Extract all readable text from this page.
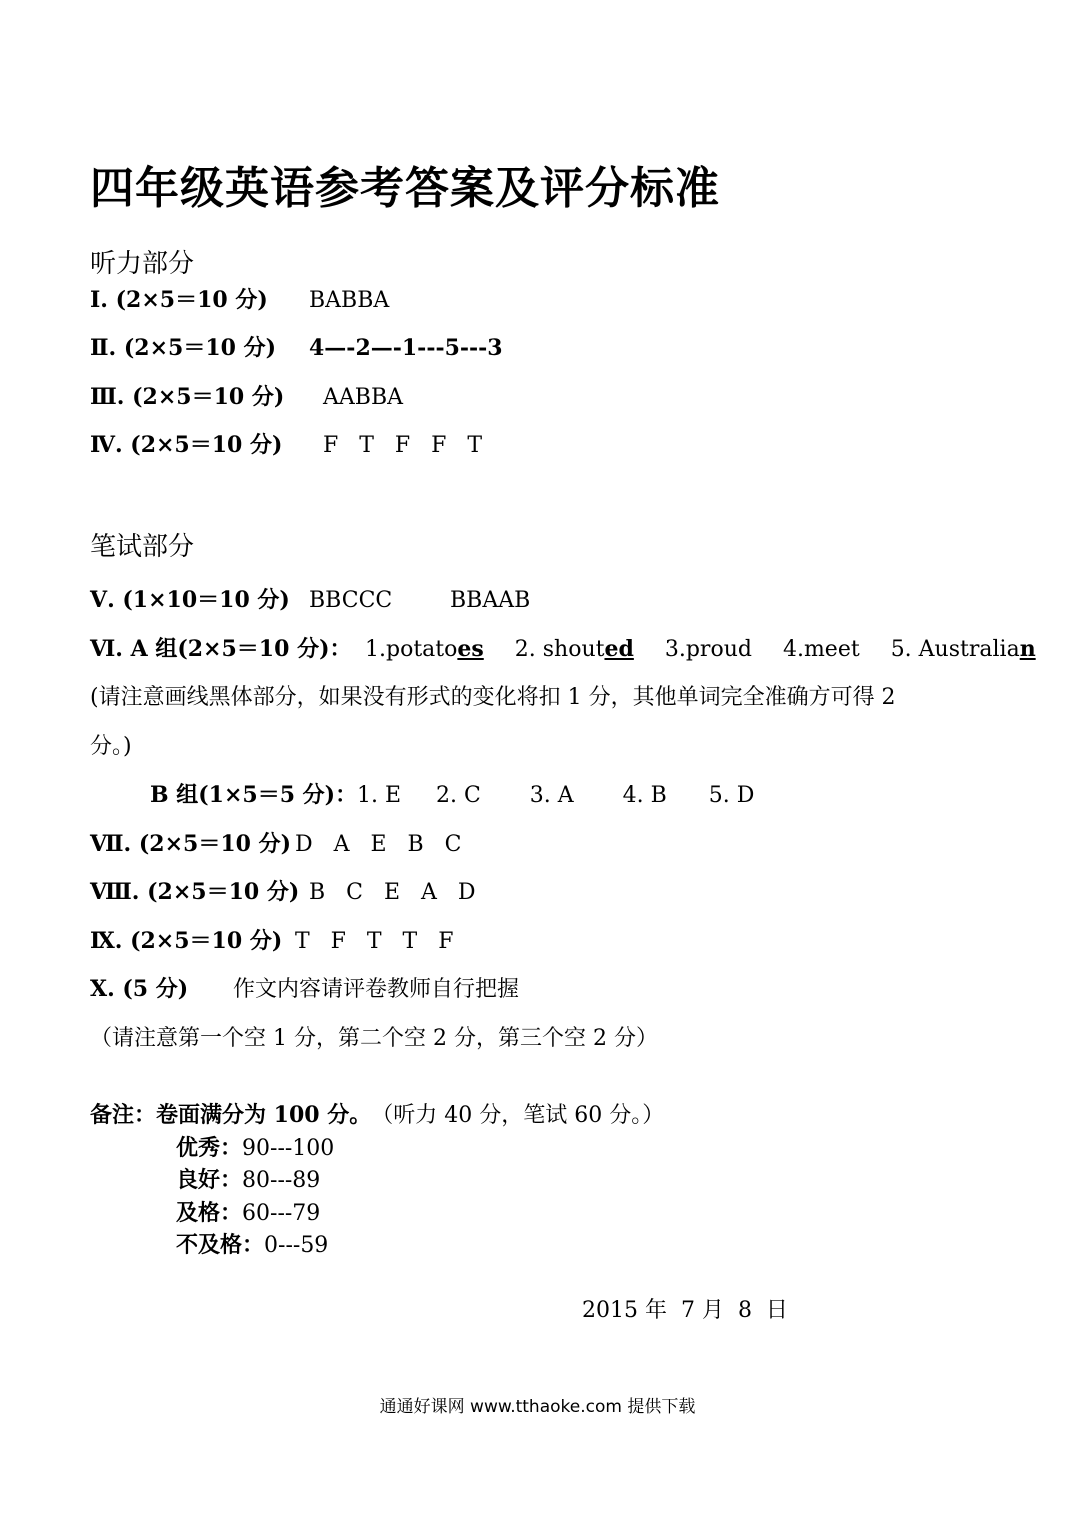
四年级英语参考答案及评分标准
听力部分
Ⅰ. (2×5＝10 分) BABBA
Ⅱ. (2×5＝10 分) 4—-2—-1---5---3
Ⅲ. (2×5＝10 分) AABBA
Ⅳ. (2×5＝10 分) F   T   F   F   T
笔试部分
Ⅴ. (1×10＝10 分) BBCCC	BBAAB
Ⅵ. A 组(2×5＝10 分)： 1.potatoes 2. shouted 3.proud 4.meet 5. Australian
(请注意画线黑体部分，如果没有形式的变化将扣 1 分，其他单词完全准确方可得 2
分。)
B 组(1×5＝5 分)： 1. E     2. C       3. A       4. B      5. D
Ⅶ. (2×5＝10 分) D   A   E   B   C
Ⅷ. (2×5＝10 分) B   C   E   A   D
Ⅸ. (2×5＝10 分) T   F   T   T   F
Ⅹ. (5 分) 作文内容请评卷教师自行把握
（请注意第一个空 1 分，第二个空 2 分，第三个空 2 分）
备注：卷面满分为 100 分。（听力 40 分，笔试 60 分。）
优秀：90---100
良好：80---89
及格：60---79
不及格：0---59
2015 年  7 月  8  日
通通好课网 www.tthaoke.com 提供下载
